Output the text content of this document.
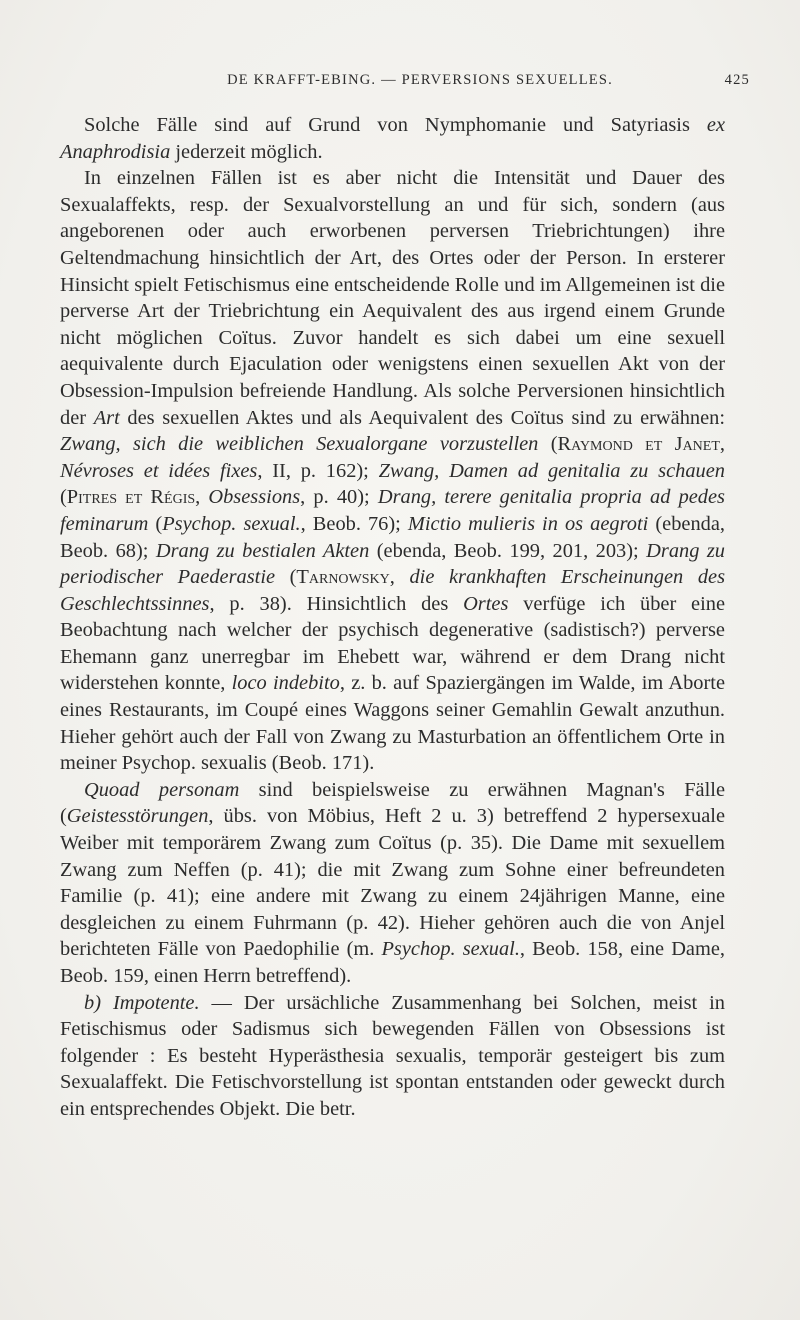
DE KRAFFT-EBING. — PERVERSIONS SEXUELLES.	425

Solche Fälle sind auf Grund von Nymphomanie und Satyriasis ex Anaphrodisia jederzeit möglich.

In einzelnen Fällen ist es aber nicht die Intensität und Dauer des Sexualaffekts, resp. der Sexualvorstellung an und für sich, sondern (aus angeborenen oder auch erworbenen perversen Triebrichtungen) ihre Geltendmachung hinsichtlich der Art, des Ortes oder der Person. In ersterer Hinsicht spielt Fetischismus eine entscheidende Rolle und im Allgemeinen ist die perverse Art der Triebrichtung ein Aequivalent des aus irgend einem Grunde nicht möglichen Coïtus. Zuvor handelt es sich dabei um eine sexuell aequivalente durch Ejaculation oder wenigstens einen sexuellen Akt von der Obsession-Impulsion befreiende Handlung. Als solche Perversionen hinsichtlich der Art des sexuellen Aktes und als Aequivalent des Coïtus sind zu erwähnen: Zwang, sich die weiblichen Sexualorgane vorzustellen (Raymond et Janet, Névroses et idées fixes, II, p. 162); Zwang, Damen ad genitalia zu schauen (Pitres et Régis, Obsessions, p. 40); Drang, terere genitalia propria ad pedes feminarum (Psychop. sexual., Beob. 76); Mictio mulieris in os aegroti (ebenda, Beob. 68); Drang zu bestialen Akten (ebenda, Beob. 199, 201, 203); Drang zu periodischer Paederastie (Tarnowsky, die krankhaften Erscheinungen des Geschlechtssinnes, p. 38). Hinsichtlich des Ortes verfüge ich über eine Beobachtung nach welcher der psychisch degenerative (sadistisch?) perverse Ehemann ganz unerregbar im Ehebett war, während er dem Drang nicht widerstehen konnte, loco indebito, z. b. auf Spaziergängen im Walde, im Aborte eines Restaurants, im Coupé eines Waggons seiner Gemahlin Gewalt anzuthun. Hieher gehört auch der Fall von Zwang zu Masturbation an öffentlichem Orte in meiner Psychop. sexualis (Beob. 171).

Quoad personam sind beispielsweise zu erwähnen Magnan's Fälle (Geistesstörungen, übs. von Möbius, Heft 2 u. 3) betreffend 2 hypersexuale Weiber mit temporärem Zwang zum Coïtus (p. 35). Die Dame mit sexuellem Zwang zum Neffen (p. 41); die mit Zwang zum Sohne einer befreundeten Familie (p. 41); eine andere mit Zwang zu einem 24jährigen Manne, eine desgleichen zu einem Fuhrmann (p. 42). Hieher gehören auch die von Anjel berichteten Fälle von Paedophilie (m. Psychop. sexual., Beob. 158, eine Dame, Beob. 159, einen Herrn betreffend).

b) Impotente. — Der ursächliche Zusammenhang bei Solchen, meist in Fetischismus oder Sadismus sich bewegenden Fällen von Obsessions ist folgender : Es besteht Hyperästhesia sexualis, temporär gesteigert bis zum Sexualaffekt. Die Fetischvorstellung ist spontan entstanden oder geweckt durch ein entsprechendes Objekt. Die betr.
